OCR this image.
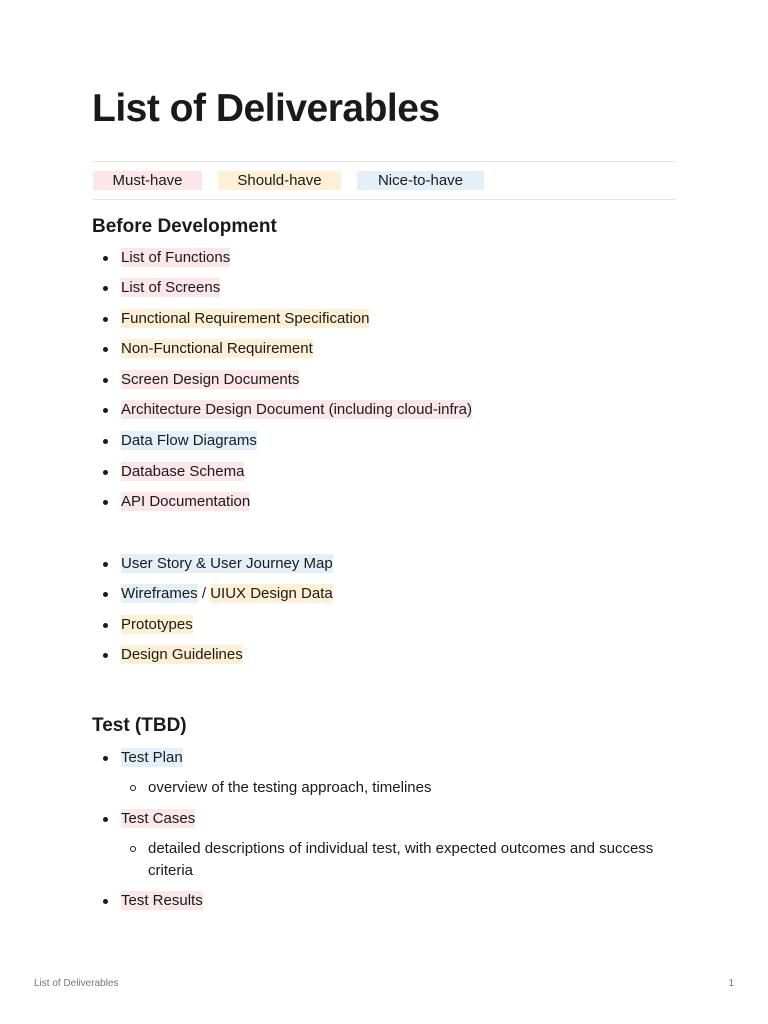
List of Deliverables
Must-have	Should-have	Nice-to-have
Before Development
List of Functions
List of Screens
Functional Requirement Specification
Non-Functional Requirement
Screen Design Documents
Architecture Design Document (including cloud-infra)
Data Flow Diagrams
Database Schema
API Documentation
User Story & User Journey Map
Wireframes / UIUX Design Data
Prototypes
Design Guidelines
Test (TBD)
Test Plan
overview of the testing approach, timelines
Test Cases
detailed descriptions of individual test, with expected outcomes and success criteria
Test Results
List of Deliverables	1
